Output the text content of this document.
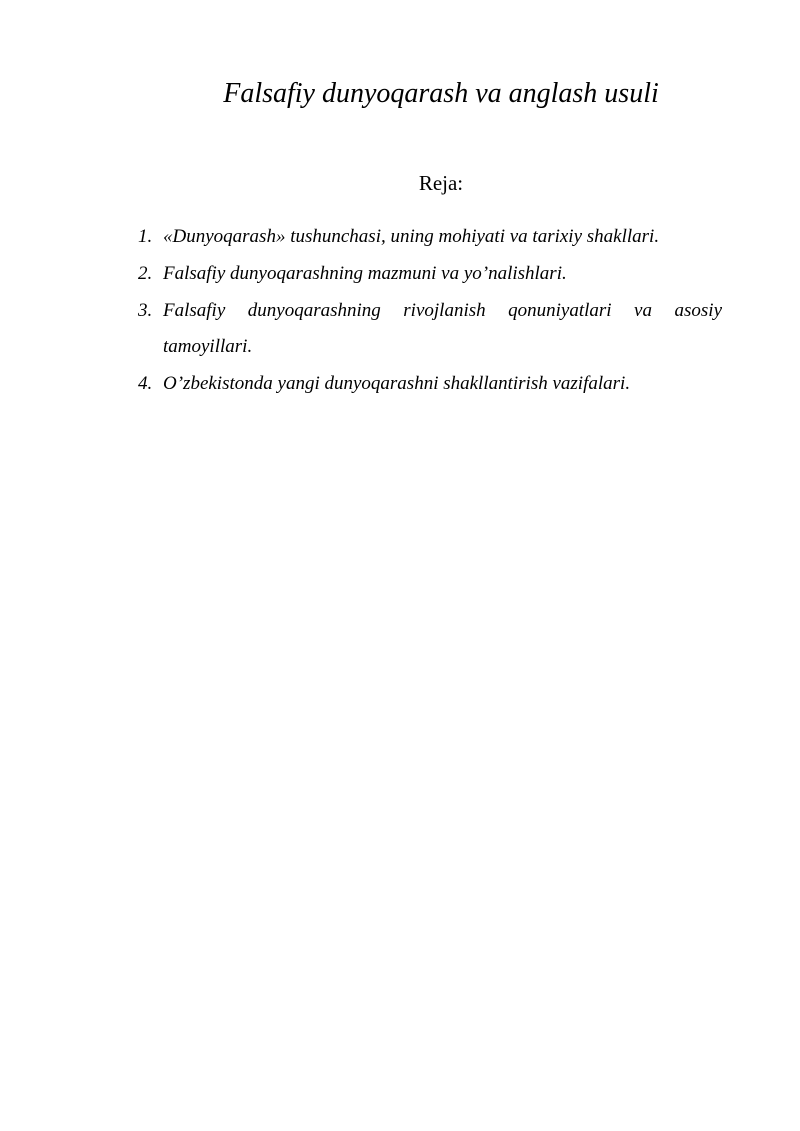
Falsafiy dunyoqarash va anglash usuli
Reja:
1. «Dunyoqarash» tushunchasi, uning mohiyati va tarixiy shakllari.
2. Falsafiy dunyoqarashning mazmuni va yo’nalishlari.
3. Falsafiy dunyoqarashning rivojlanish qonuniyatlari va asosiy tamoyillari.
4. O’zbekistonda yangi dunyoqarashni shakllantirish vazifalari.
